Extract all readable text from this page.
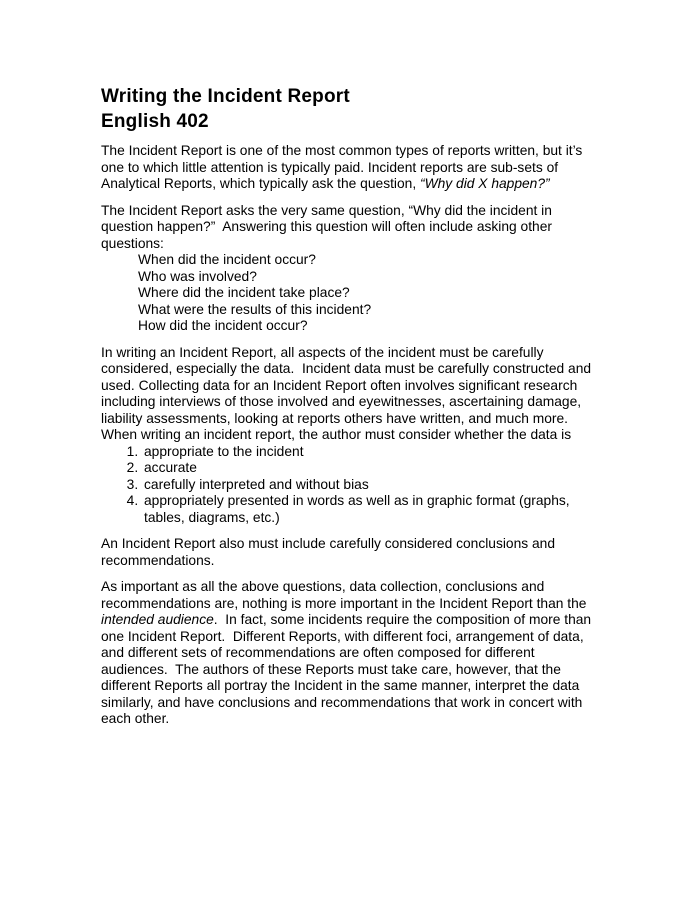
Writing the Incident Report
English 402

The Incident Report is one of the most common types of reports written, but it’s one to which little attention is typically paid. Incident reports are sub-sets of Analytical Reports, which typically ask the question, “Why did X happen?”

The Incident Report asks the very same question, “Why did the incident in question happen?”  Answering this question will often include asking other questions:

When did the incident occur?
Who was involved?
Where did the incident take place?
What were the results of this incident?
How did the incident occur?

In writing an Incident Report, all aspects of the incident must be carefully considered, especially the data.  Incident data must be carefully constructed and used. Collecting data for an Incident Report often involves significant research including interviews of those involved and eyewitnesses, ascertaining damage, liability assessments, looking at reports others have written, and much more. When writing an incident report, the author must consider whether the data is

1. appropriate to the incident
2. accurate
3. carefully interpreted and without bias
4. appropriately presented in words as well as in graphic format (graphs, tables, diagrams, etc.)

An Incident Report also must include carefully considered conclusions and recommendations.

As important as all the above questions, data collection, conclusions and recommendations are, nothing is more important in the Incident Report than the intended audience.  In fact, some incidents require the composition of more than one Incident Report.  Different Reports, with different foci, arrangement of data, and different sets of recommendations are often composed for different audiences.  The authors of these Reports must take care, however, that the different Reports all portray the Incident in the same manner, interpret the data similarly, and have conclusions and recommendations that work in concert with each other.
